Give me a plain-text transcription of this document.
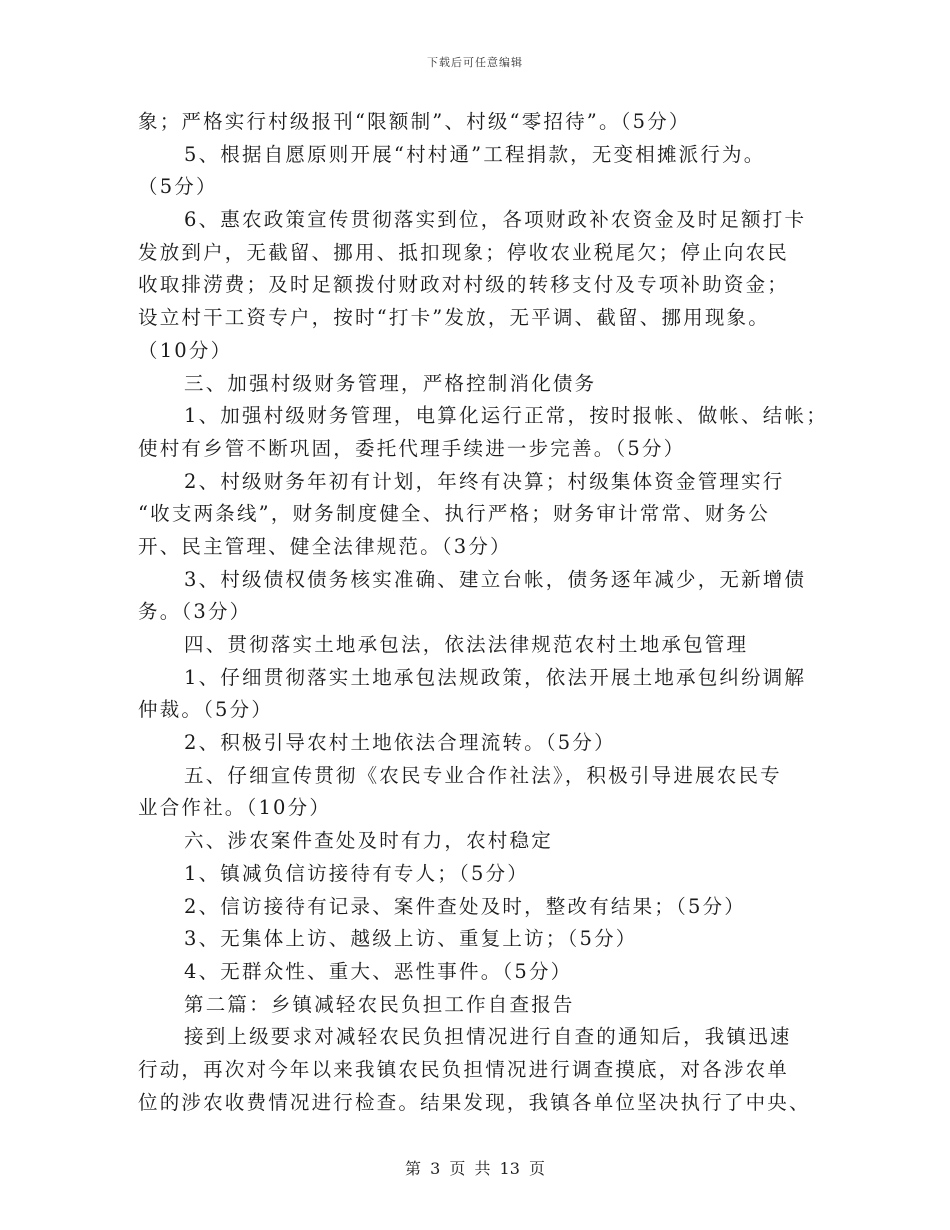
下载后可任意编辑
象；严格实行村级报刊“限额制”、村级“零招待”。（5分）
5、根据自愿原则开展“村村通”工程捐款，无变相摊派行为。
（5分）
6、惠农政策宣传贯彻落实到位，各项财政补农资金及时足额打卡
发放到户，无截留、挪用、抵扣现象；停收农业税尾欠；停止向农民
收取排涝费；及时足额拨付财政对村级的转移支付及专项补助资金；
设立村干工资专户，按时“打卡”发放，无平调、截留、挪用现象。
（10分）
三、加强村级财务管理，严格控制消化债务
1、加强村级财务管理，电算化运行正常，按时报帐、做帐、结帐；
使村有乡管不断巩固，委托代理手续进一步完善。（5分）
2、村级财务年初有计划，年终有决算；村级集体资金管理实行
“收支两条线”，财务制度健全、执行严格；财务审计常常、财务公
开、民主管理、健全法律规范。（3分）
3、村级债权债务核实准确、建立台帐，债务逐年减少，无新增债
务。（3分）
四、贯彻落实土地承包法，依法法律规范农村土地承包管理
1、仔细贯彻落实土地承包法规政策，依法开展土地承包纠纷调解
仲裁。（5分）
2、积极引导农村土地依法合理流转。（5分）
五、仔细宣传贯彻《农民专业合作社法》，积极引导进展农民专
业合作社。（10分）
六、涉农案件查处及时有力，农村稳定
1、镇减负信访接待有专人；（5分）
2、信访接待有记录、案件查处及时，整改有结果；（5分）
3、无集体上访、越级上访、重复上访；（5分）
4、无群众性、重大、恶性事件。（5分）
第二篇：乡镇减轻农民负担工作自查报告
接到上级要求对减轻农民负担情况进行自查的通知后，我镇迅速
行动，再次对今年以来我镇农民负担情况进行调查摸底，对各涉农单
位的涉农收费情况进行检查。结果发现，我镇各单位坚决执行了中央、
第 3 页 共 13 页
